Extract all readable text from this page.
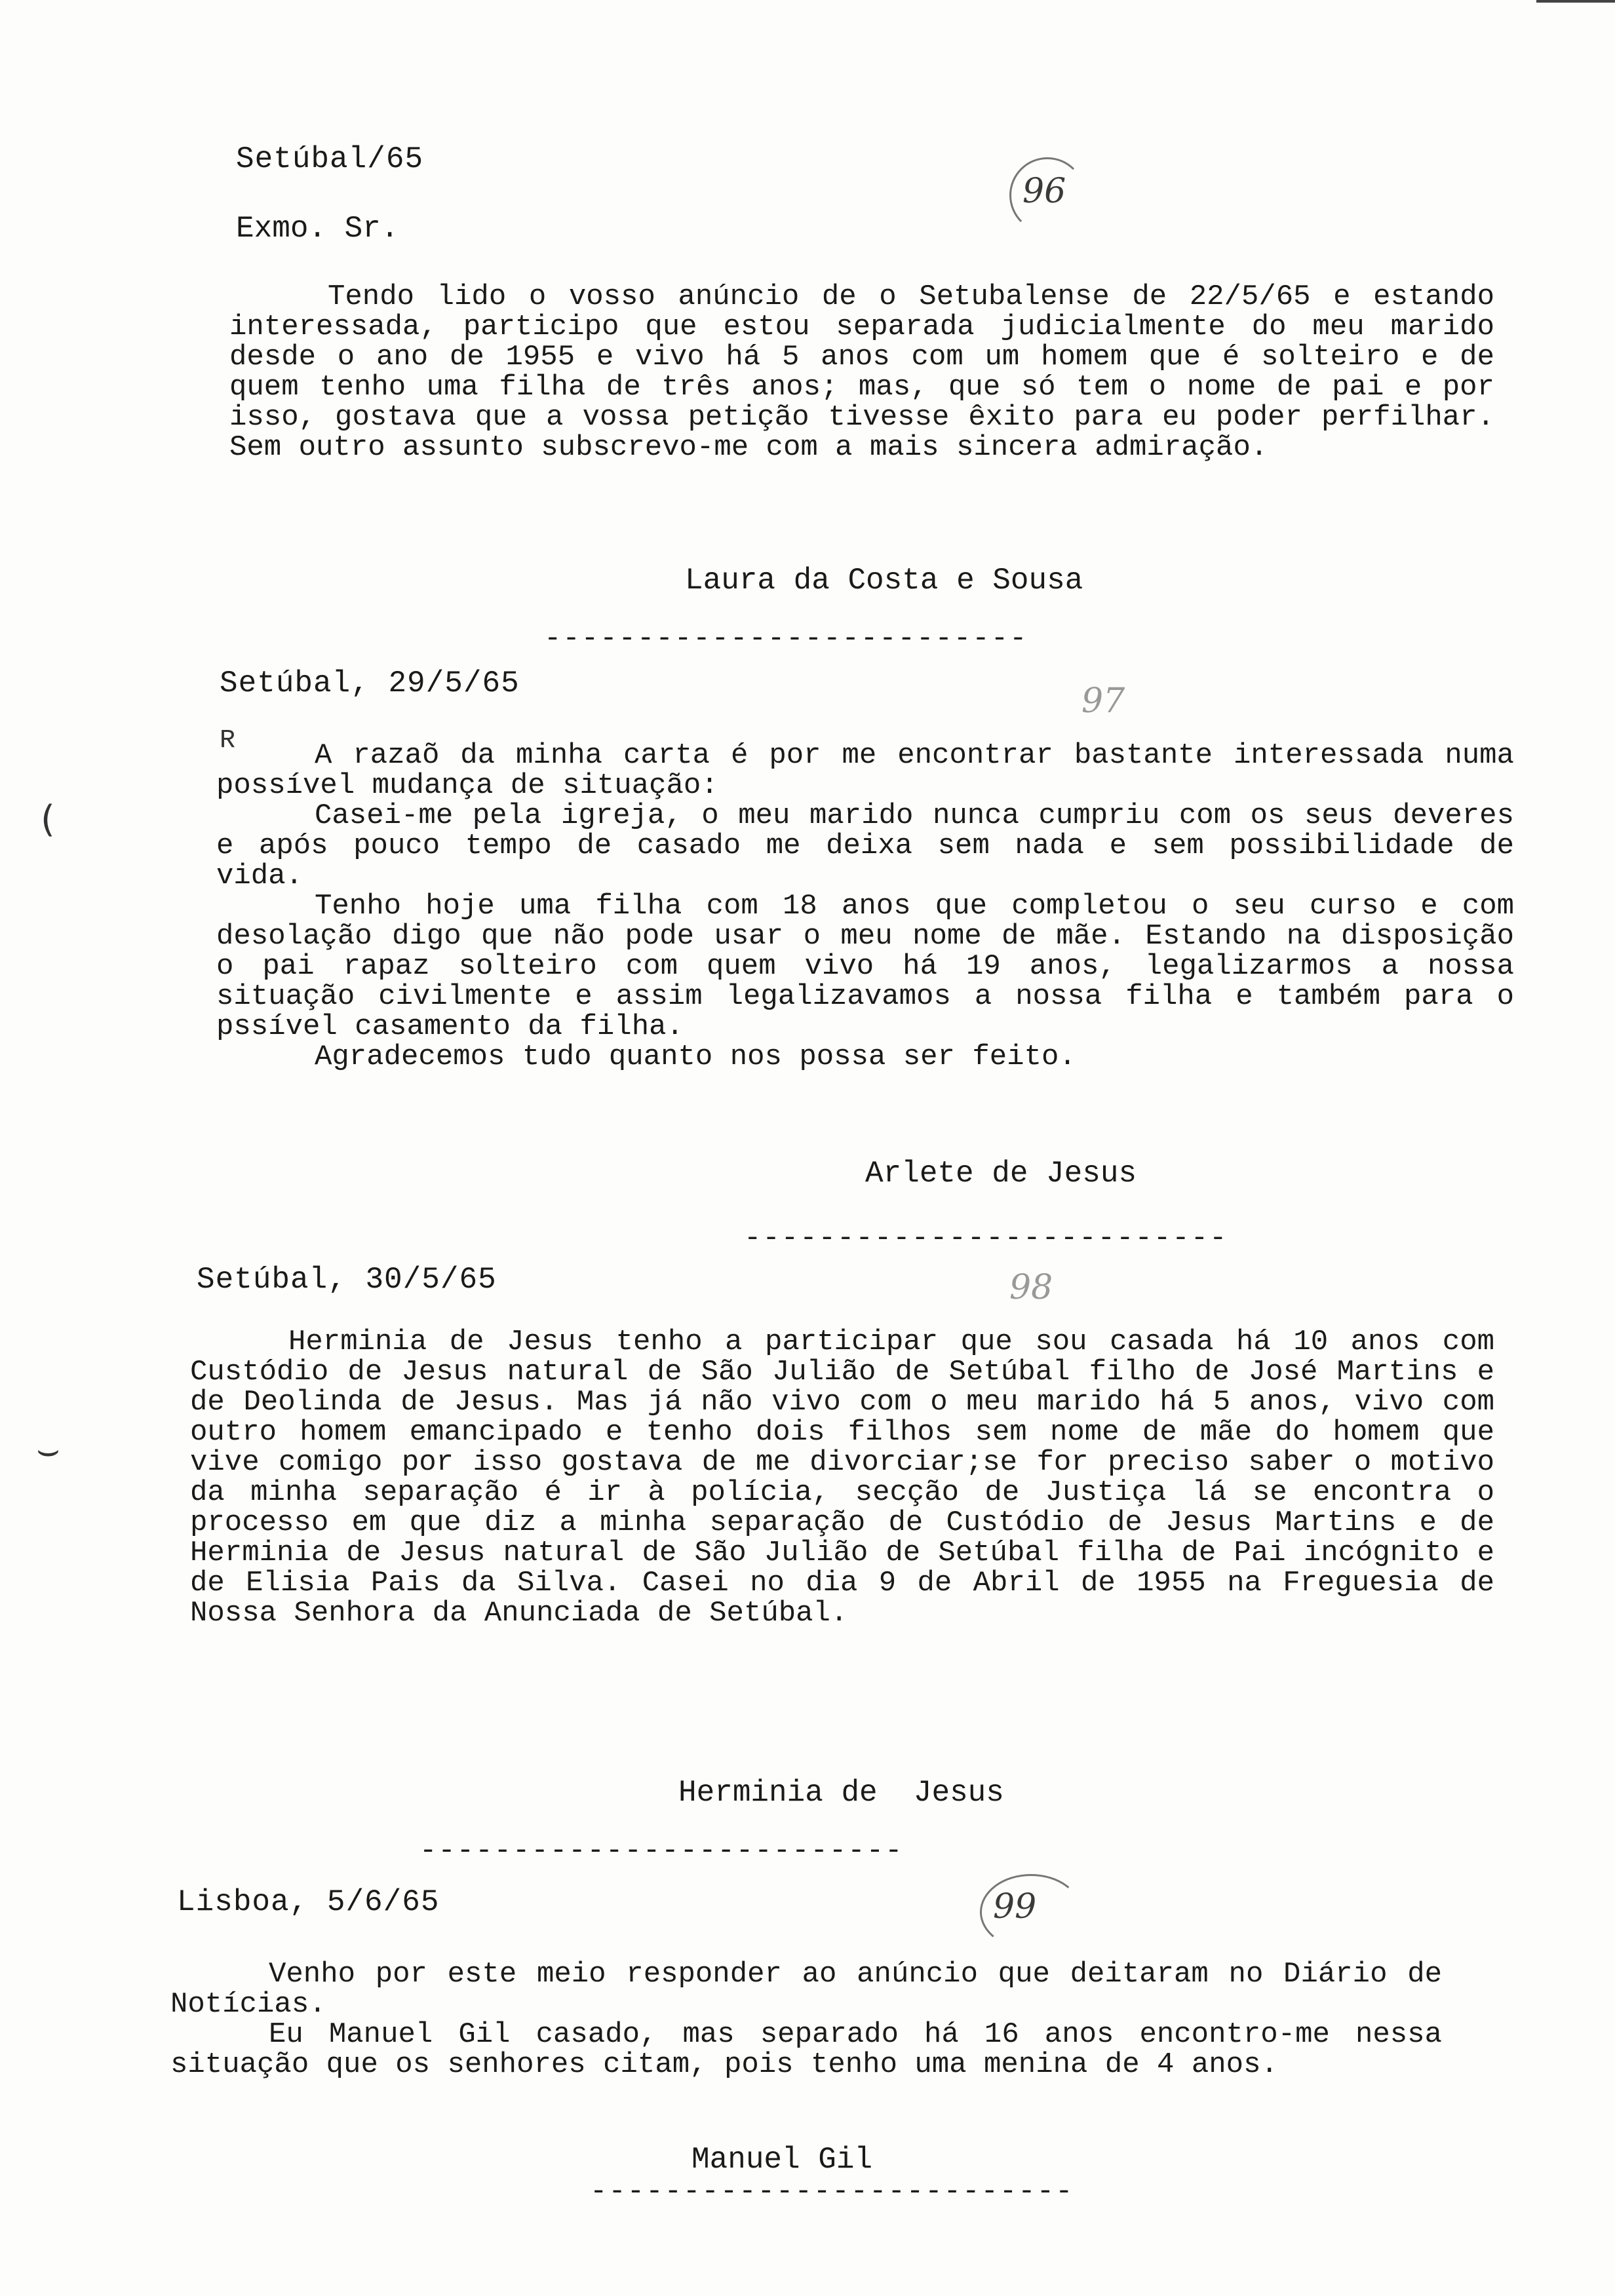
Setúbal/65
Exmo. Sr.
96

Tendo lido o vosso anúncio de o Setubalense de 22/5/65 e estando interessada, participo que estou separada judicialmente do meu marido desde o ano de 1955 e vivo há 5 anos com um homem que é solteiro e de quem tenho uma filha de três anos; mas, que só tem o nome de pai e por isso, gostava que a vossa petição tivesse êxito para eu poder perfilhar. Sem outro assunto subscrevo-me com a mais sincera admiração.

Laura da Costa e Sousa
--------------------------
Setúbal, 29/5/65	97
R
(

A razaõ da minha carta é por me encontrar bastante interessada numa possível mudança de situação:

Casei-me pela igreja, o meu marido nunca cumpriu com os seus deveres e após pouco tempo de casado me deixa sem nada e sem possibilidade de vida.

Tenho hoje uma filha com 18 anos que completou o seu curso e com desolação digo que não pode usar o meu nome de mãe. Estando na disposição o pai rapaz solteiro com quem vivo há 19 anos, legalizarmos a nossa situação civilmente e assim legalizavamos a nossa filha e também para o pssível casamento da filha.

Agradecemos tudo quanto nos possa ser feito.

Arlete de Jesus
--------------------------
Setúbal, 30/5/65	98
⌣

Herminia de Jesus tenho a participar que sou casada há 10 anos com Custódio de Jesus natural de São Julião de Setúbal filho de José Martins e de Deolinda de Jesus. Mas já não vivo com o meu marido há 5 anos, vivo com outro homem emancipado e tenho dois filhos sem nome de mãe do homem que vive comigo por isso gostava de me divorciar;se for preciso saber o motivo da minha separação é ir à polícia, secção de Justiça lá se encontra o processo em que diz a minha separação de Custódio de Jesus Martins e de Herminia de Jesus natural de São Julião de Setúbal filha de Pai incógnito e de Elisia Pais da Silva. Casei no dia 9 de Abril de 1955 na Freguesia de Nossa Senhora da Anunciada de Setúbal.

Herminia de  Jesus
--------------------------
Lisboa, 5/6/65	99

Venho por este meio responder ao anúncio que deitaram no Diário de Notícias.

Eu Manuel Gil casado, mas separado há 16 anos encontro-me nessa situação que os senhores citam, pois tenho uma menina de 4 anos.

Manuel Gil
--------------------------
